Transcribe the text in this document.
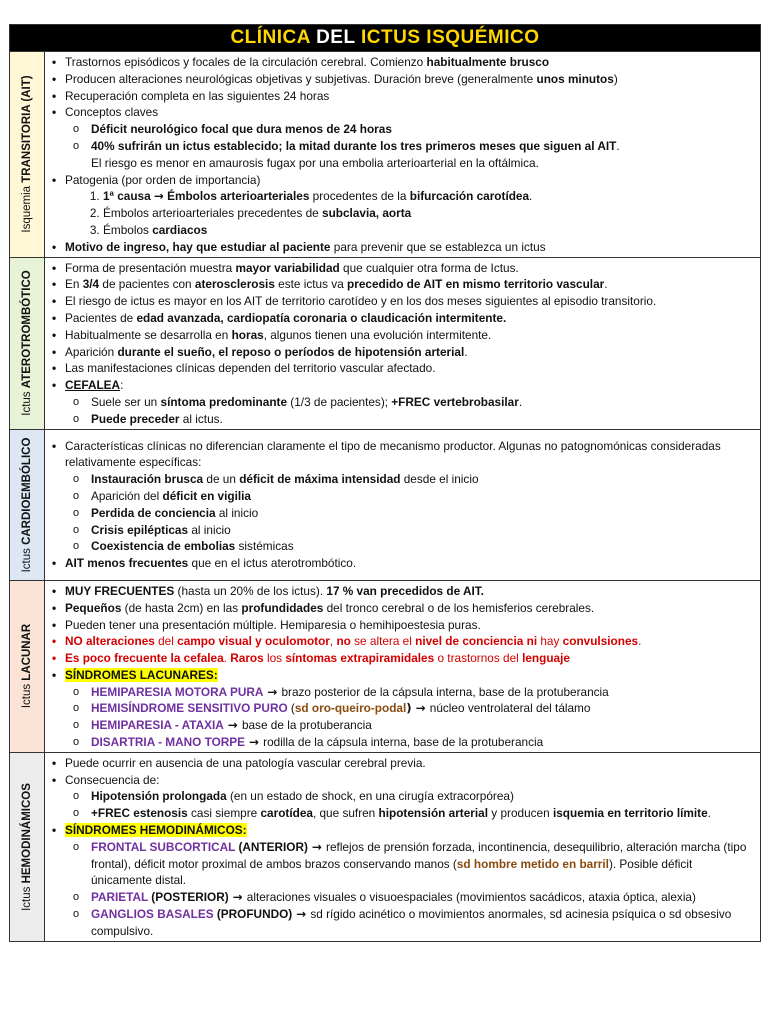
CLÍNICA DEL ICTUS ISQUÉMICO
Isquemia TRANSITORIA (AIT)
• Trastornos episódicos y focales de la circulación cerebral. Comienzo habitualmente brusco
• Producen alteraciones neurológicas objetivas y subjetivas. Duración breve (generalmente unos minutos)
• Recuperación completa en las siguientes 24 horas
• Conceptos claves
o Déficit neurológico focal que dura menos de 24 horas
o 40% sufrirán un ictus establecido; la mitad durante los tres primeros meses que siguen al AIT.
El riesgo es menor en amaurosis fugax por una embolia arterioarterial en la oftálmica.
• Patogenia (por orden de importancia)
1. 1ª causa → Émbolos arterioarteriales procedentes de la bifurcación carotídea.
2. Émbolos arterioarteriales precedentes de subclavia, aorta
3. Émbolos cardiacos
• Motivo de ingreso, hay que estudiar al paciente para prevenir que se establezca un ictus
Ictus ATEROTROMBÓTICO
• Forma de presentación muestra mayor variabilidad que cualquier otra forma de Ictus.
• En 3/4 de pacientes con aterosclerosis este ictus va precedido de AIT en mismo territorio vascular.
• El riesgo de ictus es mayor en los AIT de territorio carotídeo y en los dos meses siguientes al episodio transitorio.
• Pacientes de edad avanzada, cardiopatía coronaria o claudicación intermitente.
• Habitualmente se desarrolla en horas, algunos tienen una evolución intermitente.
• Aparición durante el sueño, el reposo o períodos de hipotensión arterial.
• Las manifestaciones clínicas dependen del territorio vascular afectado.
• CEFALEA:
o Suele ser un síntoma predominante (1/3 de pacientes); +FREC vertebrobasilar.
o Puede preceder al ictus.
Ictus CARDIOEMBÓLICO
•	Características clínicas no diferencian claramente el tipo de mecanismo productor. Algunas no patognomónicas consideradas relativamente específicas:
o Instauración brusca de un déficit de máxima intensidad desde el inicio
o Aparición del déficit en vigilia
o Perdida de conciencia al inicio
o Crisis epilépticas al inicio
o Coexistencia de embolias sistémicas
• AIT menos frecuentes que en el ictus aterotrombótico.
Ictus LACUNAR
• MUY FRECUENTES (hasta un 20% de los ictus). 17 % van precedidos de AIT.
• Pequeños (de hasta 2cm) en las profundidades del tronco cerebral o de los hemisferios cerebrales.
• Pueden tener una presentación múltiple. Hemiparesia o hemihipoestesia puras.
• NO alteraciones del campo visual y oculomotor, no se altera el nivel de conciencia ni hay convulsiones.
• Es poco frecuente la cefalea. Raros los síntomas extrapiramidales o trastornos del lenguaje
• SÍNDROMES LACUNARES:
o HEMIPARESIA MOTORA PURA → brazo posterior de la cápsula interna, base de la protuberancia
o HEMISÍNDROME SENSITIVO PURO (sd oro-queiro-podal) → núcleo ventrolateral del tálamo
o HEMIPARESIA - ATAXIA → base de la protuberancia
o DISARTRIA - MANO TORPE → rodilla de la cápsula interna, base de la protuberancia
Ictus HEMODINÁMICOS
• Puede ocurrir en ausencia de una patología vascular cerebral previa.
• Consecuencia de:
o Hipotensión prolongada (en un estado de shock, en una cirugía extracorpórea)
o +FREC estenosis casi siempre carotídea, que sufren hipotensión arterial y producen isquemia en territorio límite.
• SÍNDROMES HEMODINÁMICOS:
o FRONTAL SUBCORTICAL (ANTERIOR) → reflejos de prensión forzada, incontinencia, desequilibrio, alteración marcha (tipo frontal), déficit motor proximal de ambos brazos conservando manos (sd hombre metido en barril). Posible déficit únicamente distal.
o PARIETAL (POSTERIOR) → alteraciones visuales o visuoespaciales (movimientos sacádicos, ataxia óptica, alexia)
o GANGLIOS BASALES (PROFUNDO) → sd rígido acinético o movimientos anormales, sd acinesia psíquica o sd obsesivo compulsivo.
